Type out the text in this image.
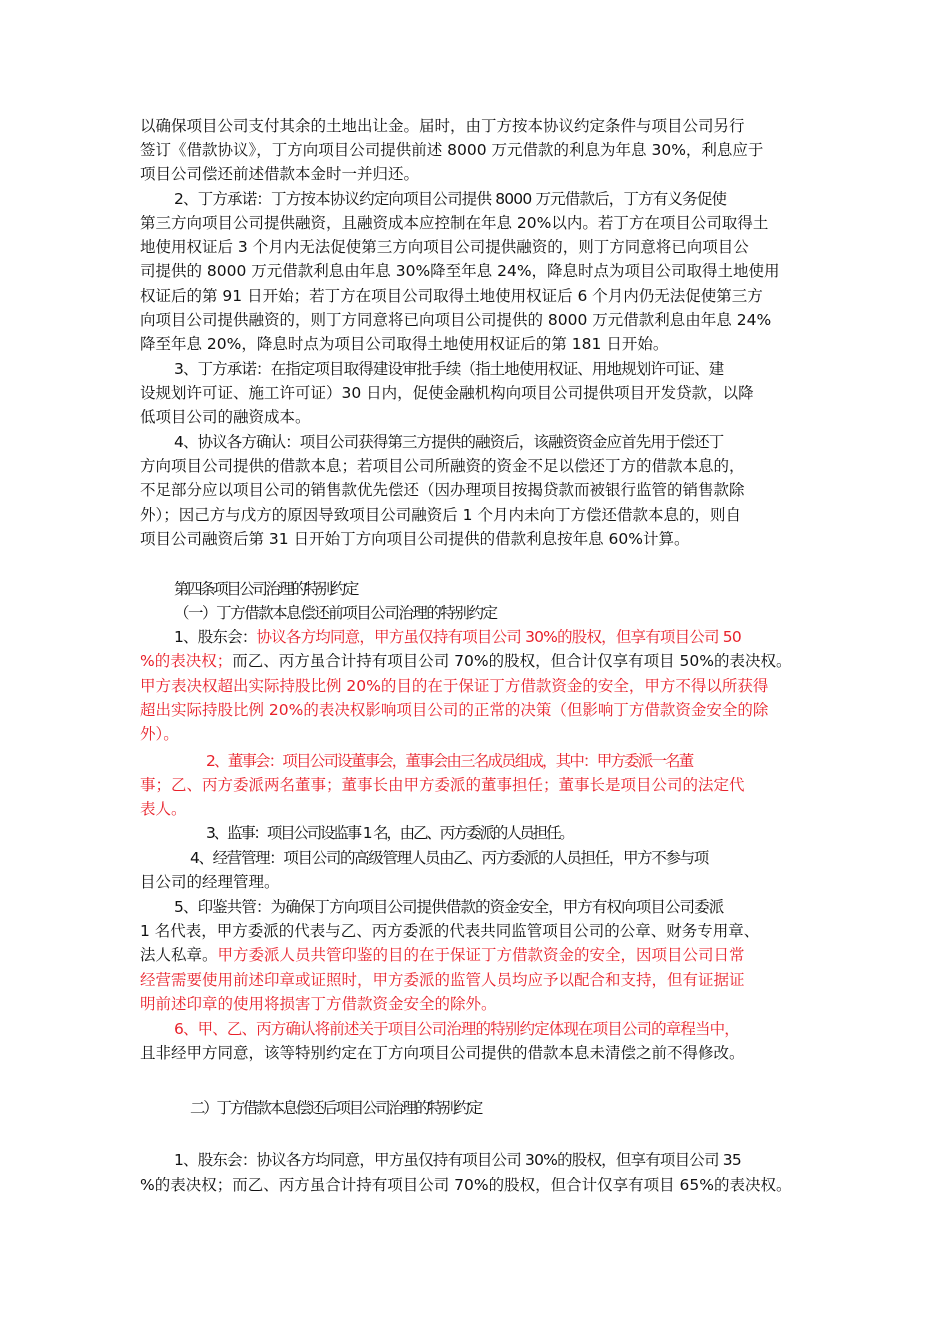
以确保项目公司支付其余的土地出让金。届时，由丁方按本协议约定条件与项目公司另行
签订《借款协议》，丁方向项目公司提供前述 8000 万元借款的利息为年息 30%，利息应于
项目公司偿还前述借款本金时一并归还。
2、丁方承诺：丁方按本协议约定向项目公司提供 8000 万元借款后，丁方有义务促使
第三方向项目公司提供融资，且融资成本应控制在年息 20%以内。若丁方在项目公司取得土
地使用权证后 3 个月内无法促使第三方向项目公司提供融资的，则丁方同意将已向项目公
司提供的 8000 万元借款利息由年息 30%降至年息 24%，降息时点为项目公司取得土地使用
权证后的第 91 日开始；若丁方在项目公司取得土地使用权证后 6 个月内仍无法促使第三方
向项目公司提供融资的，则丁方同意将已向项目公司提供的 8000 万元借款利息由年息 24%
降至年息 20%，降息时点为项目公司取得土地使用权证后的第 181 日开始。
3、丁方承诺：在指定项目取得建设审批手续（指土地使用权证、用地规划许可证、建
设规划许可证、施工许可证）30 日内，促使金融机构向项目公司提供项目开发贷款，以降
低项目公司的融资成本。
4、协议各方确认：项目公司获得第三方提供的融资后，该融资资金应首先用于偿还丁
方向项目公司提供的借款本息；若项目公司所融资的资金不足以偿还丁方的借款本息的，
不足部分应以项目公司的销售款优先偿还（因办理项目按揭贷款而被银行监管的销售款除
外）；因己方与戊方的原因导致项目公司融资后 1 个月内未向丁方偿还借款本息的，则自
项目公司融资后第 31 日开始丁方向项目公司提供的借款利息按年息 60%计算。
第四条项目公司治理的特别约定
（一）丁方借款本息偿还前项目公司治理的特别约定
1、股东会：协议各方均同意，甲方虽仅持有项目公司 30%的股权，但享有项目公司 50
%的表决权；而乙、丙方虽合计持有项目公司 70%的股权，但合计仅享有项目 50%的表决权。
甲方表决权超出实际持股比例 20%的目的在于保证丁方借款资金的安全，甲方不得以所获得
超出实际持股比例 20%的表决权影响项目公司的正常的决策（但影响丁方借款资金安全的除
外）。
2、董事会：项目公司设董事会，董事会由三名成员组成，其中：甲方委派一名董
事；乙、丙方委派两名董事；董事长由甲方委派的董事担任；董事长是项目公司的法定代
表人。
3、监事：项目公司设监事 1 名，由乙、丙方委派的人员担任。
4、经营管理：项目公司的高级管理人员由乙、丙方委派的人员担任，甲方不参与项
目公司的经理管理。
5、印鉴共管：为确保丁方向项目公司提供借款的资金安全，甲方有权向项目公司委派
1 名代表，甲方委派的代表与乙、丙方委派的代表共同监管项目公司的公章、财务专用章、
法人私章。甲方委派人员共管印鉴的目的在于保证丁方借款资金的安全，因项目公司日常
经营需要使用前述印章或证照时，甲方委派的监管人员均应予以配合和支持，但有证据证
明前述印章的使用将损害丁方借款资金安全的除外。
6、甲、乙、丙方确认将前述关于项目公司治理的特别约定体现在项目公司的章程当中，
且非经甲方同意，该等特别约定在丁方向项目公司提供的借款本息未清偿之前不得修改。
二）丁方借款本息偿还后项目公司治理的特别约定
1、股东会：协议各方均同意，甲方虽仅持有项目公司 30%的股权，但享有项目公司 35
%的表决权；而乙、丙方虽合计持有项目公司 70%的股权，但合计仅享有项目 65%的表决权。
